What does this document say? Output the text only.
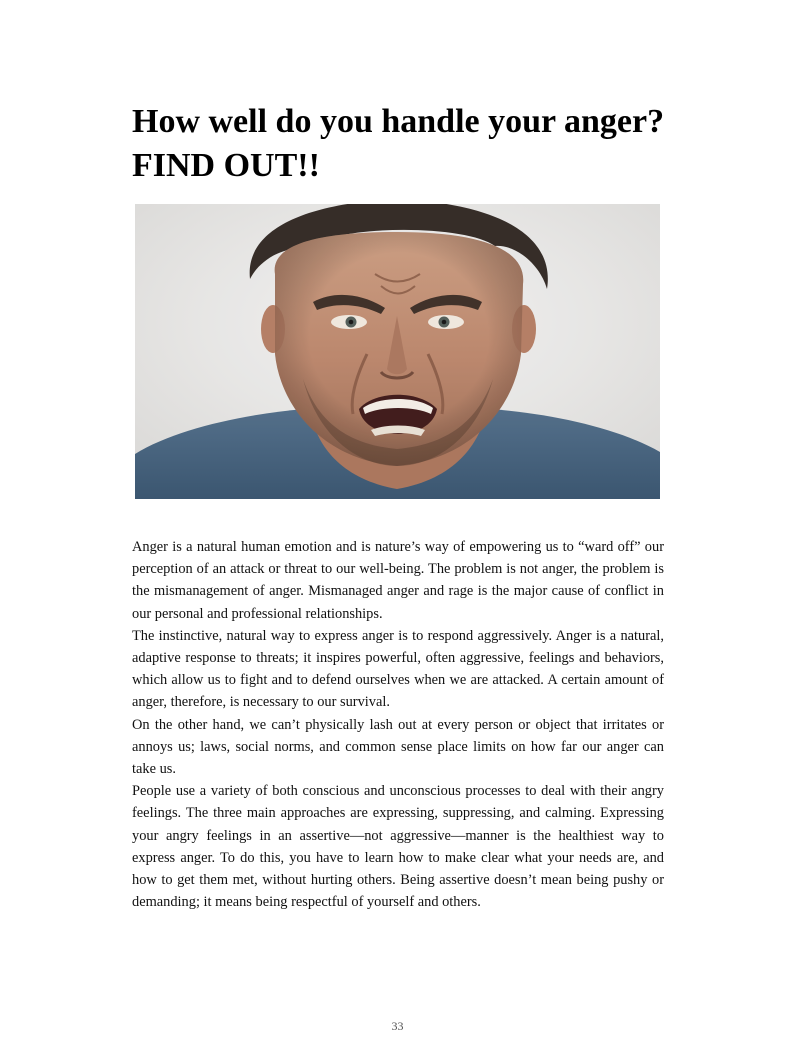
How well do you handle your anger? FIND OUT!!

Anger is a natural human emotion and is nature’s way of empowering us to “ward off” our perception of an attack or threat to our well-being. The problem is not anger, the problem is the mismanagement of anger. Mismanaged anger and rage is the major cause of conflict in our personal and professional relationships.

The instinctive, natural way to express anger is to respond aggressively. Anger is a natural, adaptive response to threats; it inspires powerful, often aggressive, feelings and behaviors, which allow us to fight and to defend ourselves when we are attacked. A certain amount of anger, therefore, is necessary to our survival.

On the other hand, we can’t physically lash out at every person or object that irritates or annoys us; laws, social norms, and common sense place limits on how far our anger can take us.

People use a variety of both conscious and unconscious processes to deal with their angry feelings. The three main approaches are expressing, suppressing, and calming. Expressing your angry feelings in an assertive—not aggressive—manner is the healthiest way to express anger. To do this, you have to learn how to make clear what your needs are, and how to get them met, without hurting others. Being assertive doesn’t mean being pushy or demanding; it means being respectful of yourself and others.

33
